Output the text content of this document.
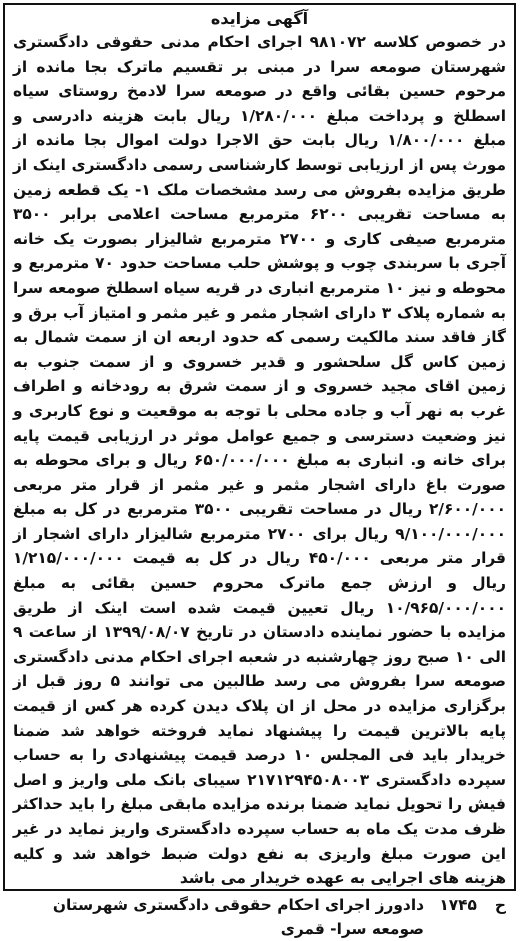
آگهی مزایده

در خصوص کلاسه ۹۸۱۰۷۲ اجرای احکام مدنی حقوقی دادگستری شهرستان صومعه سرا در مبنی بر تقسیم ماترک بجا مانده از مرحوم حسین بقائی واقع در صومعه سرا لادمخ روستای سیاه اسطلخ و پرداخت مبلغ ۱/۲۸۰/۰۰۰ ریال بابت هزینه دادرسی و مبلغ ۱/۸۰۰/۰۰۰ ریال بابت حق الاجرا دولت اموال بجا مانده از مورث پس از ارزیابی توسط کارشناسی رسمی دادگستری اینک از طریق مزایده بفروش می رسد مشخصات ملک ۱- یک قطعه زمین به مساحت تقریبی ۶۲۰۰ مترمربع مساحت اعلامی برابر ۳۵۰۰ مترمربع صیفی کاری و ۲۷۰۰ مترمربع شالیزار بصورت یک خانه آجری با سربندی چوب و پوشش حلب مساحت حدود ۷۰ مترمربع و محوطه و نیز ۱۰ مترمربع انباری در قریه سیاه اسطلخ صومعه سرا به شماره پلاک ۳ دارای اشجار مثمر و غیر مثمر و امتیاز آب برق و گاز فاقد سند مالکیت رسمی که حدود اربعه ان از سمت شمال به زمین کاس گل سلحشور و قدیر خسروی و از سمت جنوب به زمین اقای مجید خسروی و از سمت شرق به رودخانه و اطراف غرب به نهر آب و جاده محلی با توجه به موقعیت و نوع کاربری و نیز وضعیت دسترسی و جمیع عوامل موثر در ارزیابی قیمت پایه برای خانه و. انباری به مبلغ ۶۵۰/۰۰۰/۰۰۰ ریال و برای محوطه به صورت باغ دارای اشجار مثمر و غیر مثمر از قرار متر مربعی ۲/۶۰۰/۰۰۰ ریال در مساحت تقریبی ۳۵۰۰ مترمربع در کل به مبلغ ۹/۱۰۰/۰۰۰/۰۰۰ ریال برای ۲۷۰۰ مترمربع شالیزار دارای اشجار از قرار متر مربعی ۴۵۰/۰۰۰ ریال در کل به قیمت ۱/۲۱۵/۰۰۰/۰۰۰ ریال و ارزش جمع ماترک محروم حسین بقائی به مبلغ ۱۰/۹۶۵/۰۰۰/۰۰۰ ریال تعیین قیمت شده است اینک از طریق مزایده با حضور نماینده دادستان در تاریخ ۱۳۹۹/۰۸/۰۷ از ساعت ۹ الی ۱۰ صبح روز چهارشنبه در شعبه اجرای احکام مدنی دادگستری صومعه سرا بفروش می رسد طالبین می توانند ۵ روز قبل از برگزاری مزایده در محل از ان پلاک دیدن کرده هر کس از قیمت پایه بالاترین قیمت را پیشنهاد نماید فروخته خواهد شد ضمنا خریدار باید فی المجلس ۱۰ درصد قیمت پیشنهادی را به حساب سپرده دادگستری ۲۱۷۱۲۹۴۵۰۸۰۰۳ سیبای بانک ملی واریز و اصل فیش را تحویل نماید ضمنا برنده مزایده مابقی مبلغ را باید حداکثر ظرف مدت یک ماه به حساب سپرده دادگستری واریز نماید در غیر این صورت مبلغ واریزی به نفع دولت ضبط خواهد شد و کلیه هزینه های اجرایی به عهده خریدار می باشد

ح
۱۷۴۵
دادورز اجرای احکام حقوقی دادگستری شهرستان صومعه سرا- قمری
